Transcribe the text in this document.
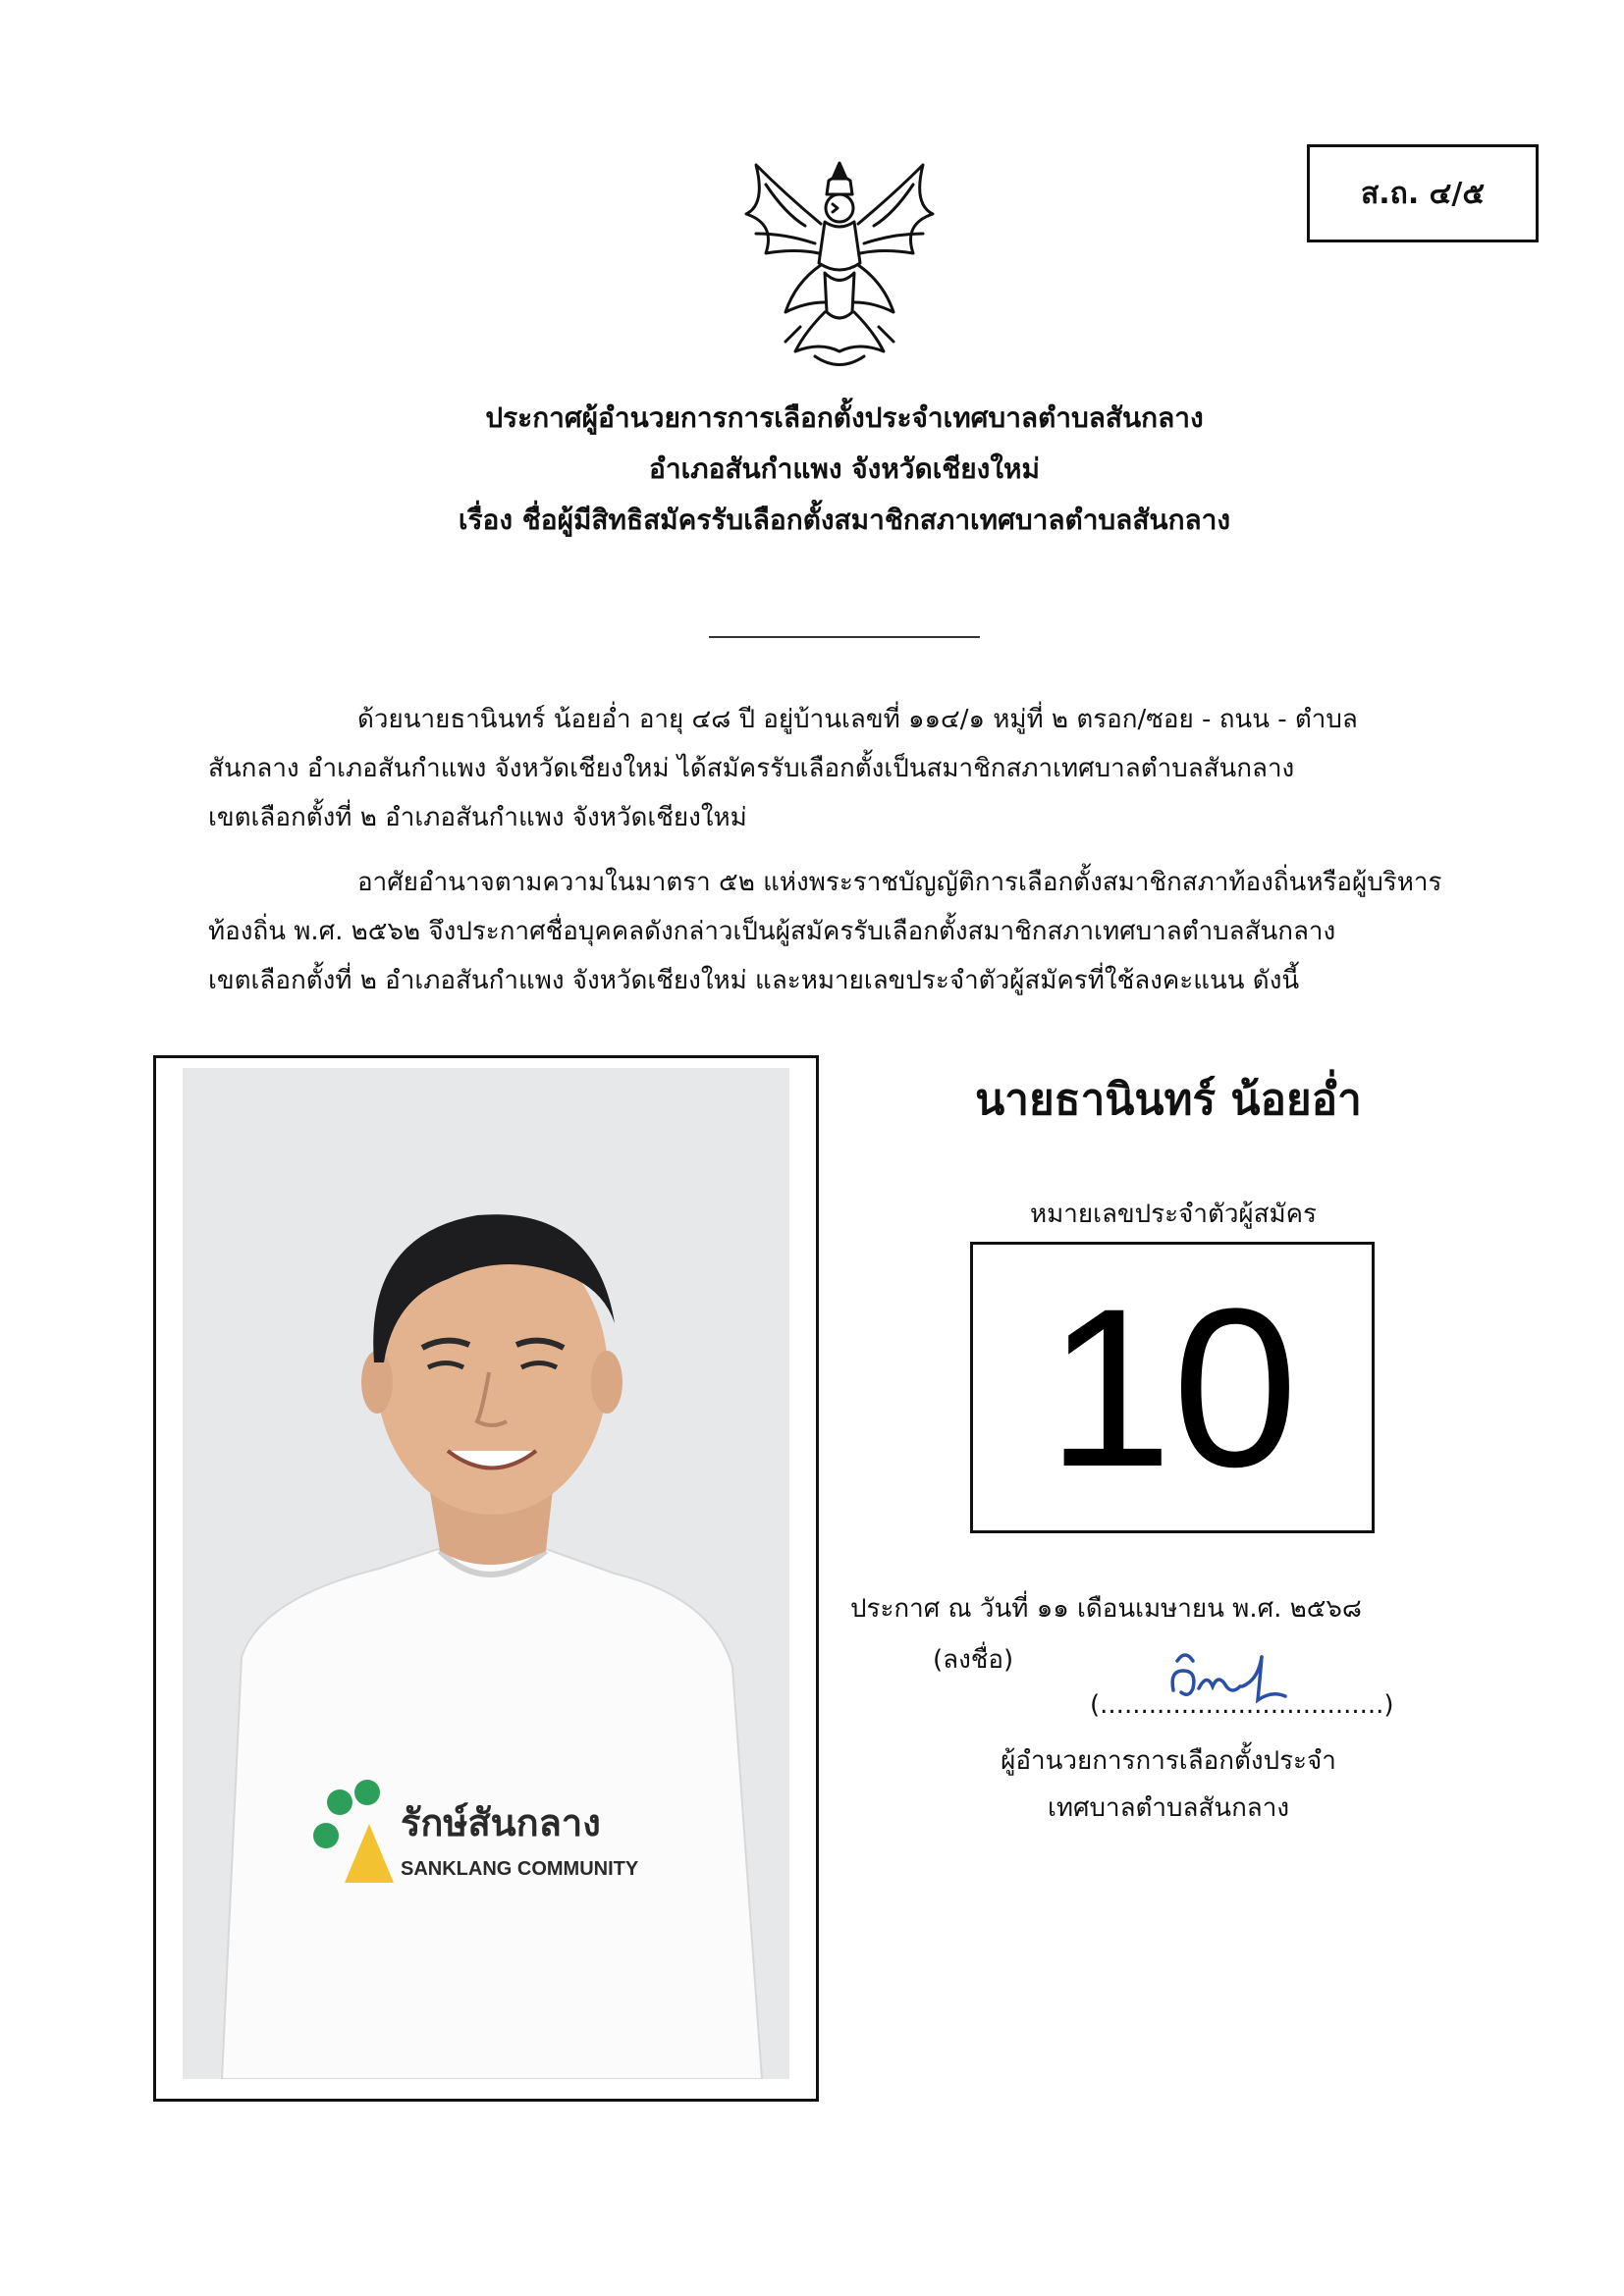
ส.ถ. ๔/๕
ประกาศผู้อำนวยการการเลือกตั้งประจำเทศบาลตำบลสันกลาง
อำเภอสันกำแพง จังหวัดเชียงใหม่
เรื่อง ชื่อผู้มีสิทธิสมัครรับเลือกตั้งสมาชิกสภาเทศบาลตำบลสันกลาง
ด้วยนายธานินทร์ น้อยอ่ำ อายุ ๔๘ ปี อยู่บ้านเลขที่ ๑๑๔/๑ หมู่ที่ ๒ ตรอก/ซอย - ถนน - ตำบล
สันกลาง อำเภอสันกำแพง จังหวัดเชียงใหม่ ได้สมัครรับเลือกตั้งเป็นสมาชิกสภาเทศบาลตำบลสันกลาง
เขตเลือกตั้งที่ ๒ อำเภอสันกำแพง จังหวัดเชียงใหม่
อาศัยอำนาจตามความในมาตรา ๕๒ แห่งพระราชบัญญัติการเลือกตั้งสมาชิกสภาท้องถิ่นหรือผู้บริหาร
ท้องถิ่น พ.ศ. ๒๕๖๒ จึงประกาศชื่อบุคคลดังกล่าวเป็นผู้สมัครรับเลือกตั้งสมาชิกสภาเทศบาลตำบลสันกลาง
เขตเลือกตั้งที่ ๒ อำเภอสันกำแพง จังหวัดเชียงใหม่ และหมายเลขประจำตัวผู้สมัครที่ใช้ลงคะแนน ดังนี้
รักษ์สันกลาง
SANKLANG COMMUNITY
นายธานินทร์ น้อยอ่ำ
หมายเลขประจำตัวผู้สมัคร
10
ประกาศ ณ วันที่ ๑๑ เดือนเมษายน พ.ศ. ๒๕๖๘
(ลงชื่อ)
(...................................)
ผู้อำนวยการการเลือกตั้งประจำ
เทศบาลตำบลสันกลาง
